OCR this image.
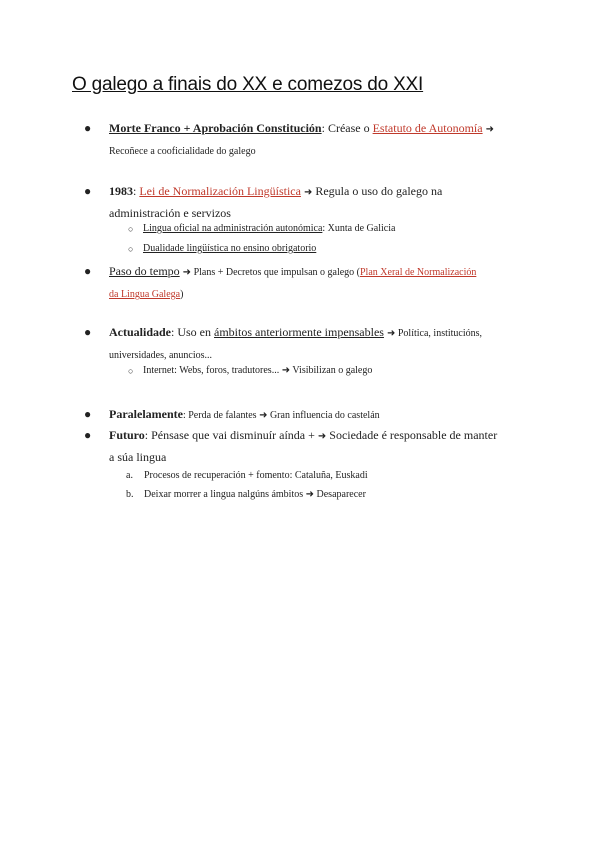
O galego a finais do XX e comezos do XXI
● Morte Franco + Aprobación Constitución: Créase o Estatuto de Autonomía ➜
Recoñece a cooficialidade do galego
● 1983: Lei de Normalización Lingüística ➜ Regula o uso do galego na
administración e servizos
○ Lingua oficial na administración autonómica: Xunta de Galicia
○ Dualidade lingüística no ensino obrigatorio
● Paso do tempo ➜ Plans + Decretos que impulsan o galego (Plan Xeral de Normalización
da Lingua Galega)
● Actualidade: Uso en ámbitos anteriormente impensables ➜ Política, institucións,
universidades, anuncios...
○ Internet: Webs, foros, tradutores... ➜ Visibilizan o galego
● Paralelamente: Perda de falantes ➜ Gran influencia do castelán
● Futuro: Pénsase que vai disminuír aínda + ➜ Sociedade é responsable de manter
a súa lingua
a. Procesos de recuperación + fomento: Cataluña, Euskadi
b. Deixar morrer a lingua nalgúns ámbitos ➜ Desaparecer
